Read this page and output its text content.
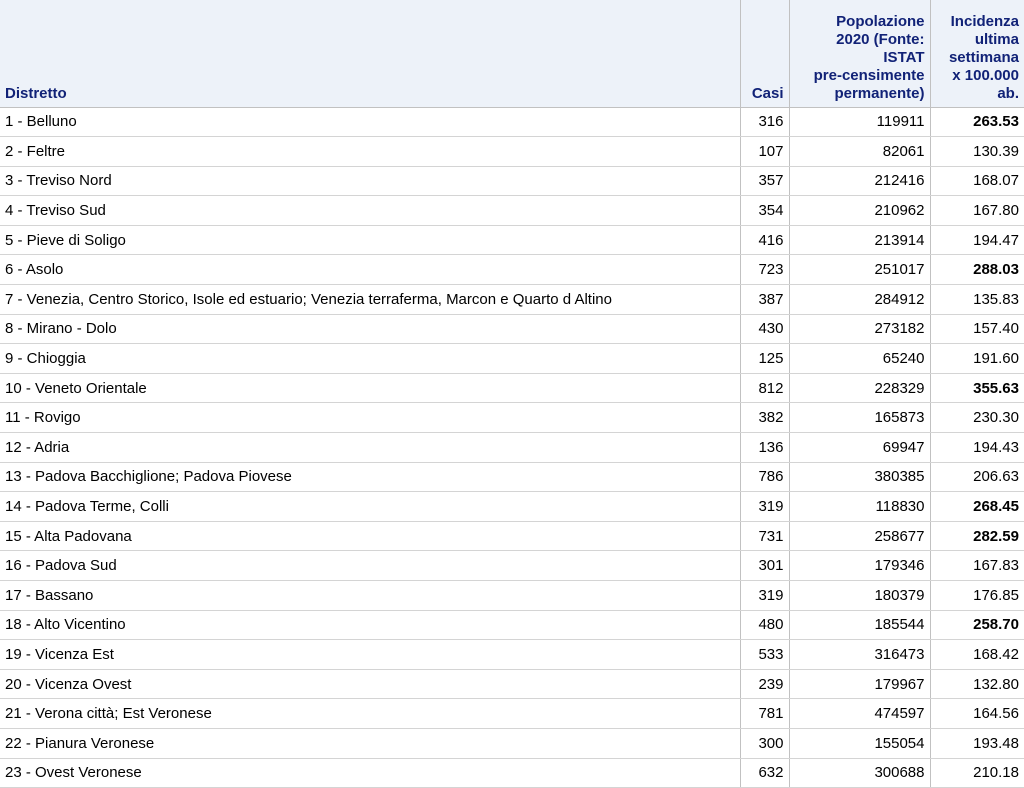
Distretto	Casi	Popolazione
2020 (Fonte:
ISTAT
pre-censimente
permanente)	Incidenza
ultima
settimana
x 100.000
ab.
1 - Belluno	316	119911	263.53
2 - Feltre	107	82061	130.39
3 - Treviso Nord	357	212416	168.07
4 - Treviso Sud	354	210962	167.80
5 - Pieve di Soligo	416	213914	194.47
6 - Asolo	723	251017	288.03
7 - Venezia, Centro Storico, Isole ed estuario; Venezia terraferma, Marcon e Quarto d Altino	387	284912	135.83
8 - Mirano - Dolo	430	273182	157.40
9 - Chioggia	125	65240	191.60
10 - Veneto Orientale	812	228329	355.63
11 - Rovigo	382	165873	230.30
12 - Adria	136	69947	194.43
13 - Padova Bacchiglione; Padova Piovese	786	380385	206.63
14 - Padova Terme, Colli	319	118830	268.45
15 - Alta Padovana	731	258677	282.59
16 - Padova Sud	301	179346	167.83
17 - Bassano	319	180379	176.85
18 - Alto Vicentino	480	185544	258.70
19 - Vicenza Est	533	316473	168.42
20 - Vicenza Ovest	239	179967	132.80
21 - Verona città; Est Veronese	781	474597	164.56
22 - Pianura Veronese	300	155054	193.48
23 - Ovest Veronese	632	300688	210.18
